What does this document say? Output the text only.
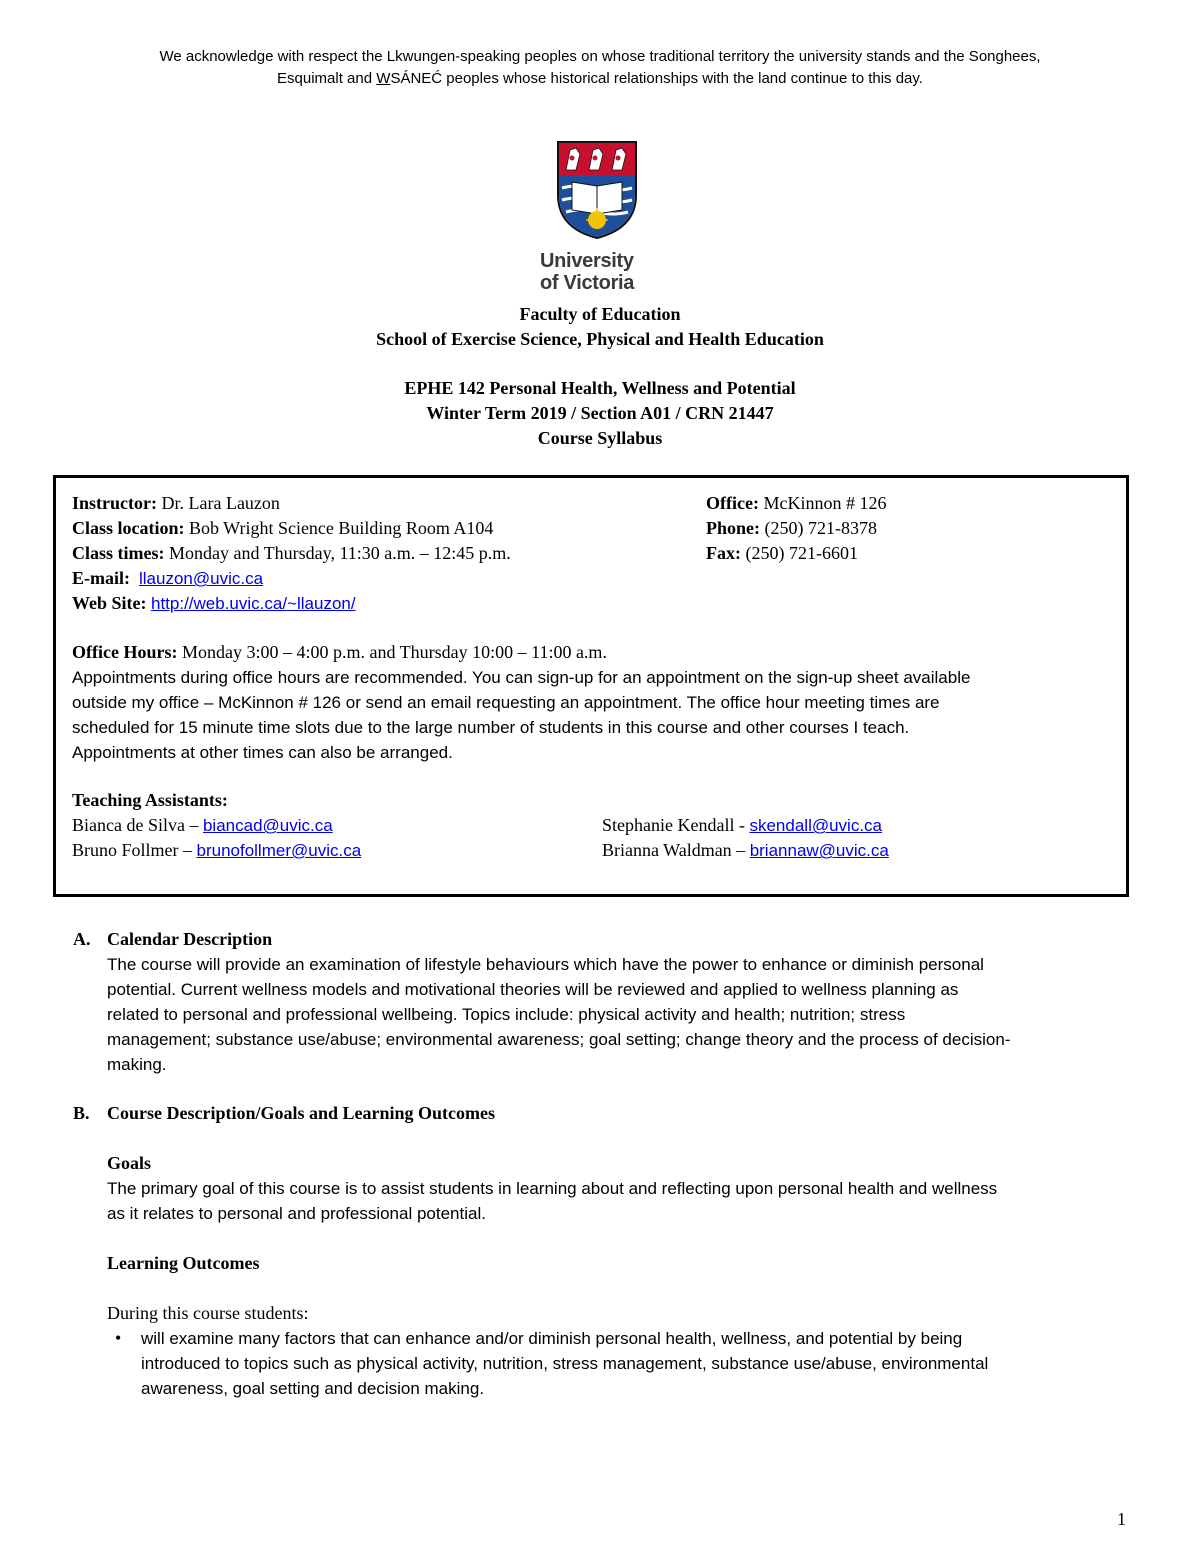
We acknowledge with respect the Lkwungen-speaking peoples on whose traditional territory the university stands and the Songhees,
Esquimalt and WSÁNEĆ peoples whose historical relationships with the land continue to this day.
University
of Victoria
Faculty of Education
School of Exercise Science, Physical and Health Education
EPHE 142 Personal Health, Wellness and Potential
Winter Term 2019 / Section A01 / CRN 21447
Course Syllabus
Instructor: Dr. Lara Lauzon
Class location: Bob Wright Science Building Room A104
Class times: Monday and Thursday, 11:30 a.m. – 12:45 p.m.
E-mail: llauzon@uvic.ca
Web Site: http://web.uvic.ca/~llauzon/
Office: McKinnon # 126
Phone: (250) 721-8378
Fax: (250) 721-6601
Office Hours: Monday 3:00 – 4:00 p.m. and Thursday 10:00 – 11:00 a.m.
Appointments during office hours are recommended. You can sign-up for an appointment on the sign-up sheet available
outside my office – McKinnon # 126 or send an email requesting an appointment. The office hour meeting times are
scheduled for 15 minute time slots due to the large number of students in this course and other courses I teach.
Appointments at other times can also be arranged.
Teaching Assistants:
Bianca de Silva – biancad@uvic.ca	Stephanie Kendall - skendall@uvic.ca
Bruno Follmer – brunofollmer@uvic.ca	Brianna Waldman – briannaw@uvic.ca
A. Calendar Description
The course will provide an examination of lifestyle behaviours which have the power to enhance or diminish personal
potential. Current wellness models and motivational theories will be reviewed and applied to wellness planning as
related to personal and professional wellbeing. Topics include: physical activity and health; nutrition; stress
management; substance use/abuse; environmental awareness; goal setting; change theory and the process of decision-
making.
B. Course Description/Goals and Learning Outcomes
Goals
The primary goal of this course is to assist students in learning about and reflecting upon personal health and wellness
as it relates to personal and professional potential.
Learning Outcomes
During this course students:
•	will examine many factors that can enhance and/or diminish personal health, wellness, and potential by being
introduced to topics such as physical activity, nutrition, stress management, substance use/abuse, environmental
awareness, goal setting and decision making.
1
